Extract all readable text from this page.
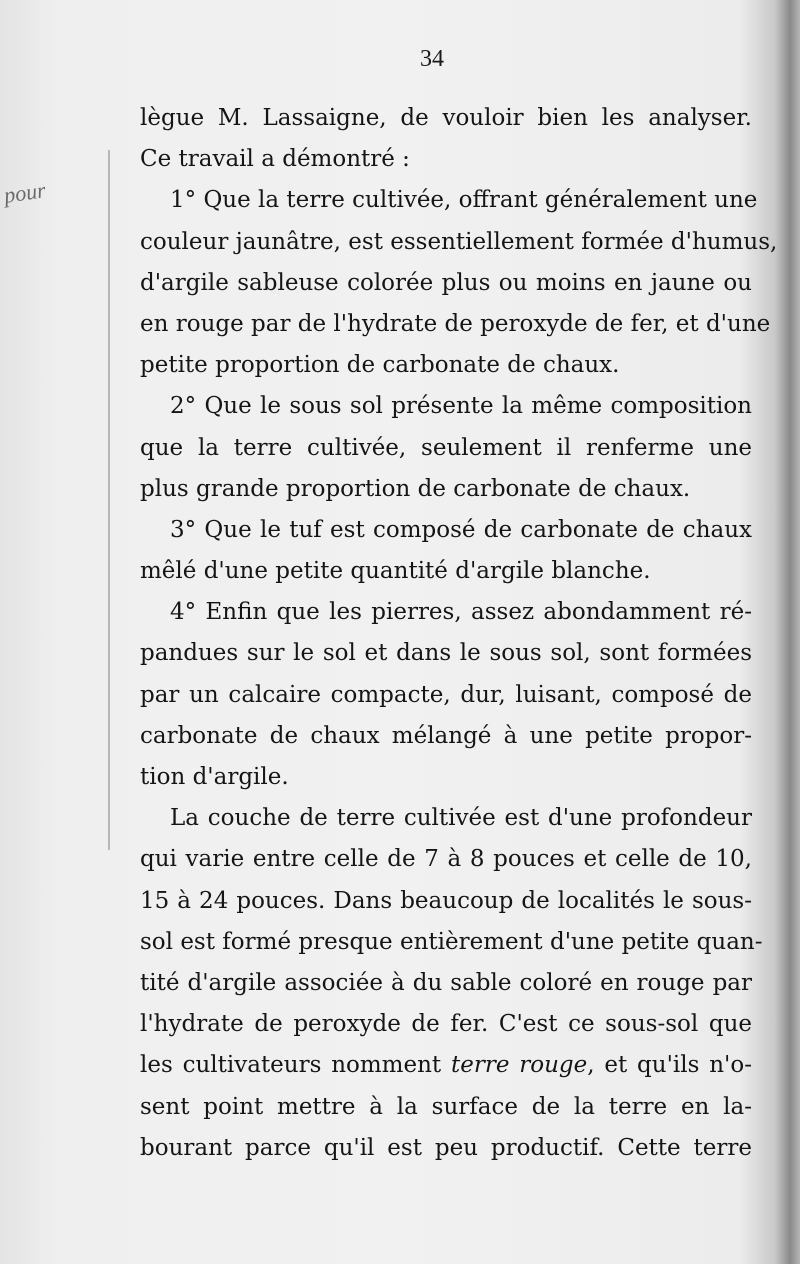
34
pour
lègue M. Lassaigne, de vouloir bien les analyser.
Ce travail a démontré :
1° Que la terre cultivée, offrant généralement une
couleur jaunâtre, est essentiellement formée d'humus,
d'argile sableuse colorée plus ou moins en jaune ou
en rouge par de l'hydrate de peroxyde de fer, et d'une
petite proportion de carbonate de chaux.
2° Que le sous sol présente la même composition
que la terre cultivée, seulement il renferme une
plus grande proportion de carbonate de chaux.
3° Que le tuf est composé de carbonate de chaux
mêlé d'une petite quantité d'argile blanche.
4° Enfin que les pierres, assez abondamment ré-
pandues sur le sol et dans le sous sol, sont formées
par un calcaire compacte, dur, luisant, composé de
carbonate de chaux mélangé à une petite propor-
tion d'argile.
La couche de terre cultivée est d'une profondeur
qui varie entre celle de 7 à 8 pouces et celle de 10,
15 à 24 pouces. Dans beaucoup de localités le sous-
sol est formé presque entièrement d'une petite quan-
tité d'argile associée à du sable coloré en rouge par
l'hydrate de peroxyde de fer. C'est ce sous-sol que
les cultivateurs nomment terre rouge, et qu'ils n'o-
sent point mettre à la surface de la terre en la-
bourant parce qu'il est peu productif. Cette terre
